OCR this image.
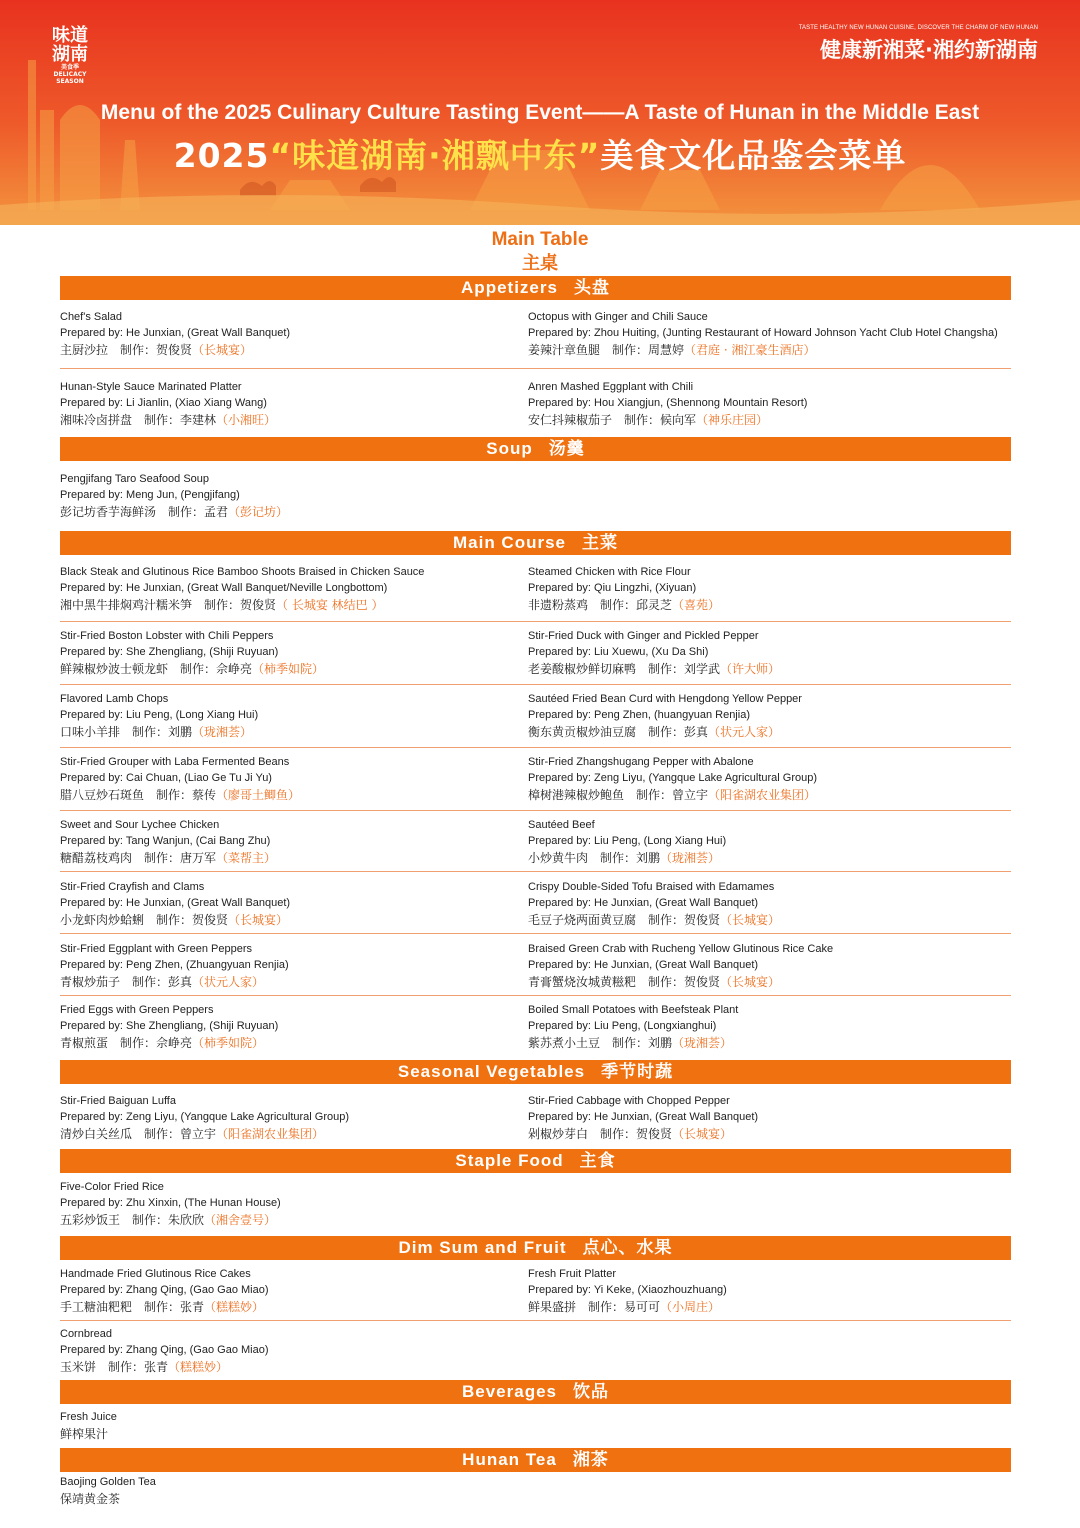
味道湖南
美食季
DELICACY SEASON
TASTE HEALTHY NEW HUNAN CUISINE, DISCOVER THE CHARM OF NEW HUNAN
健康新湘菜·湘约新湖南
Menu of the 2025 Culinary Culture Tasting Event——A Taste of Hunan in the Middle East
2025“味道湖南·湘飘中东”美食文化品鉴会菜单
Main Table
主桌
Appetizers 头盘
Soup 汤羹
Main Course 主菜
Seasonal Vegetables 季节时蔬
Staple Food 主食
Dim Sum and Fruit 点心、水果
Beverages 饮品
Hunan Tea 湘茶
Chef's Salad
Prepared by: He Junxian, (Great Wall Banquet)
主厨沙拉 制作：贺俊贤（长城宴）
Octopus with Ginger and Chili Sauce
Prepared by: Zhou Huiting, (Junting Restaurant of Howard Johnson Yacht Club Hotel Changsha)
姜辣汁章鱼腿 制作：周慧婷（君庭 · 湘江豪生酒店）
Hunan-Style Sauce Marinated Platter
Prepared by: Li Jianlin, (Xiao Xiang Wang)
湘味冷卤拼盘 制作：李建林（小湘旺）
Anren Mashed Eggplant with Chili
Prepared by: Hou Xiangjun, (Shennong Mountain Resort)
安仁抖辣椒茄子 制作：候向军（神乐庄园）
Pengjifang Taro Seafood Soup
Prepared by: Meng Jun, (Pengjifang)
彭记坊香芋海鲜汤 制作：孟君（彭记坊）
Black Steak and Glutinous Rice Bamboo Shoots Braised in Chicken Sauce
Prepared by: He Junxian, (Great Wall Banquet/Neville Longbottom)
湘中黑牛排焖鸡汁糯米笋 制作：贺俊贤（ 长城宴 林结巴 ）
Steamed Chicken with Rice Flour
Prepared by: Qiu Lingzhi, (Xiyuan)
非遗粉蒸鸡 制作：邱灵芝（喜苑）
Stir-Fried Boston Lobster with Chili Peppers
Prepared by: She Zhengliang, (Shiji Ruyuan)
鲜辣椒炒波士顿龙虾 制作：佘峥亮（柿季如院）
Stir-Fried Duck with Ginger and Pickled Pepper
Prepared by: Liu Xuewu, (Xu Da Shi)
老姜酸椒炒鲜切麻鸭 制作：刘学武（许大师）
Flavored Lamb Chops
Prepared by: Liu Peng, (Long Xiang Hui)
口味小羊排 制作：刘鹏（珑湘荟）
Sautéed Fried Bean Curd with Hengdong Yellow Pepper
Prepared by: Peng Zhen, (huangyuan Renjia)
衡东黄贡椒炒油豆腐 制作：彭真（状元人家）
Stir-Fried Grouper with Laba Fermented Beans
Prepared by: Cai Chuan, (Liao Ge Tu Ji Yu)
腊八豆炒石斑鱼 制作：蔡传（廖哥土鲫鱼）
Stir-Fried Zhangshugang Pepper with Abalone
Prepared by: Zeng Liyu, (Yangque Lake Agricultural Group)
樟树港辣椒炒鲍鱼 制作：曾立宇（阳雀湖农业集团）
Sweet and Sour Lychee Chicken
Prepared by: Tang Wanjun, (Cai Bang Zhu)
糖醋荔枝鸡肉 制作：唐万军（菜帮主）
Sautéed Beef
Prepared by: Liu Peng, (Long Xiang Hui)
小炒黄牛肉 制作：刘鹏（珑湘荟）
Stir-Fried Crayfish and Clams
Prepared by: He Junxian, (Great Wall Banquet)
小龙虾肉炒蛤蜊 制作：贺俊贤（长城宴）
Crispy Double-Sided Tofu Braised with Edamames
Prepared by: He Junxian, (Great Wall Banquet)
毛豆子烧两面黄豆腐 制作：贺俊贤（长城宴）
Stir-Fried Eggplant with Green Peppers
Prepared by: Peng Zhen, (Zhuangyuan Renjia)
青椒炒茄子 制作：彭真（状元人家）
Braised Green Crab with Rucheng Yellow Glutinous Rice Cake
Prepared by: He Junxian, (Great Wall Banquet)
青膏蟹烧汝城黄糍粑 制作：贺俊贤（长城宴）
Fried Eggs with Green Peppers
Prepared by: She Zhengliang, (Shiji Ruyuan)
青椒煎蛋 制作：佘峥亮（柿季如院）
Boiled Small Potatoes with Beefsteak Plant
Prepared by: Liu Peng, (Longxianghui)
紫苏煮小土豆 制作：刘鹏（珑湘荟）
Stir-Fried Baiguan Luffa
Prepared by: Zeng Liyu, (Yangque Lake Agricultural Group)
清炒白关丝瓜 制作：曾立宇（阳雀湖农业集团）
Stir-Fried Cabbage with Chopped Pepper
Prepared by: He Junxian, (Great Wall Banquet)
剁椒炒芽白 制作：贺俊贤（长城宴）
Five-Color Fried Rice
Prepared by: Zhu Xinxin, (The Hunan House)
五彩炒饭王 制作：朱欣欣（湘舍壹号）
Handmade Fried Glutinous Rice Cakes
Prepared by: Zhang Qing, (Gao Gao Miao)
手工糖油粑粑 制作：张青（糕糕妙）
Fresh Fruit Platter
Prepared by: Yi Keke, (Xiaozhouzhuang)
鲜果盛拼 制作：易可可（小周庄）
Cornbread
Prepared by: Zhang Qing, (Gao Gao Miao)
玉米饼 制作：张青（糕糕妙）
Fresh Juice
鲜榨果汁
Baojing Golden Tea
保靖黄金茶
